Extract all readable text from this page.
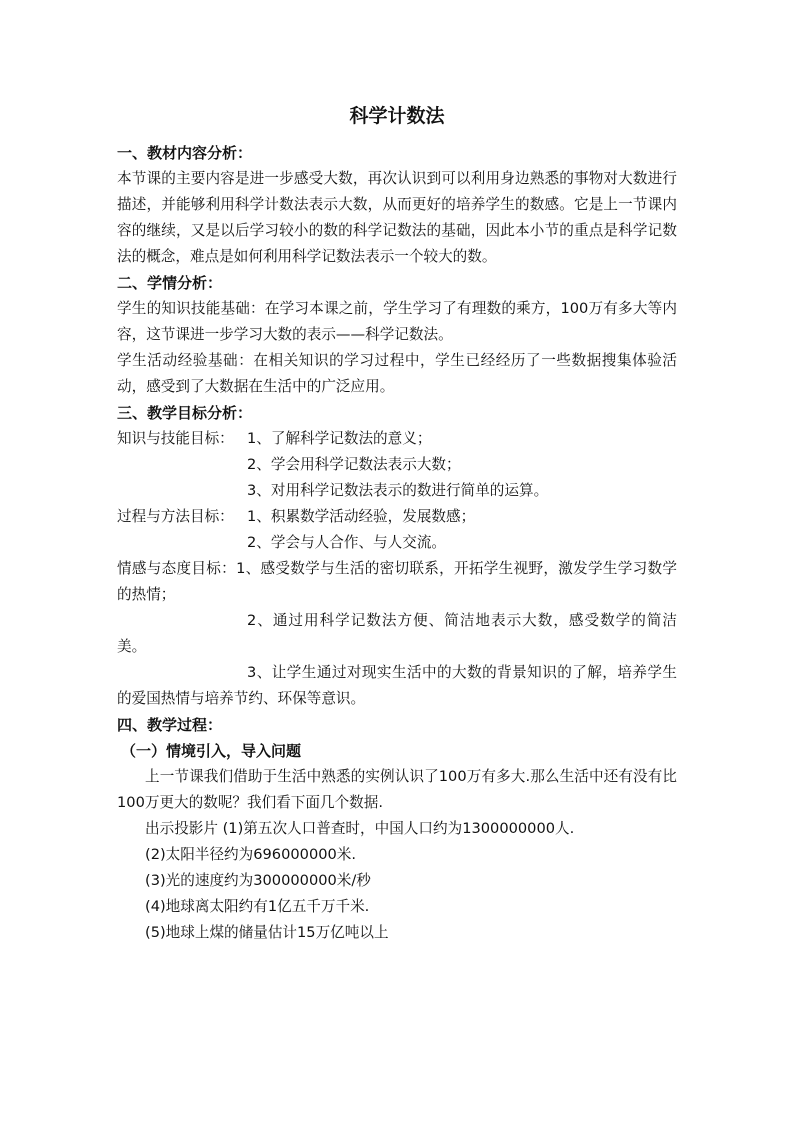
科学计数法
一、教材内容分析：
本节课的主要内容是进一步感受大数，再次认识到可以利用身边熟悉的事物对大数进行描述，并能够利用科学计数法表示大数，从而更好的培养学生的数感。它是上一节课内容的继续，又是以后学习较小的数的科学记数法的基础，因此本小节的重点是科学记数法的概念，难点是如何利用科学记数法表示一个较大的数。
二、学情分析：
学生的知识技能基础：在学习本课之前，学生学习了有理数的乘方，100万有多大等内容，这节课进一步学习大数的表示——科学记数法。
学生活动经验基础：在相关知识的学习过程中，学生已经经历了一些数据搜集体验活动，感受到了大数据在生活中的广泛应用。
三、教学目标分析：
知识与技能目标： 1、了解科学记数法的意义；
2、学会用科学记数法表示大数；
3、对用科学记数法表示的数进行简单的运算。
过程与方法目标： 1、积累数学活动经验，发展数感；
2、学会与人合作、与人交流。
情感与态度目标：1、感受数学与生活的密切联系，开拓学生视野，激发学生学习数学的热情；
2、通过用科学记数法方便、简洁地表示大数，感受数学的简洁美。
3、让学生通过对现实生活中的大数的背景知识的了解，培养学生的爱国热情与培养节约、环保等意识。
四、教学过程：
（一）情境引入，导入问题
上一节课我们借助于生活中熟悉的实例认识了100万有多大.那么生活中还有没有比100万更大的数呢？我们看下面几个数据.
出示投影片 (1)第五次人口普查时，中国人口约为1300000000人.
(2)太阳半径约为696000000米.
(3)光的速度约为300000000米/秒
(4)地球离太阳约有1亿五千万千米.
(5)地球上煤的储量估计15万亿吨以上
